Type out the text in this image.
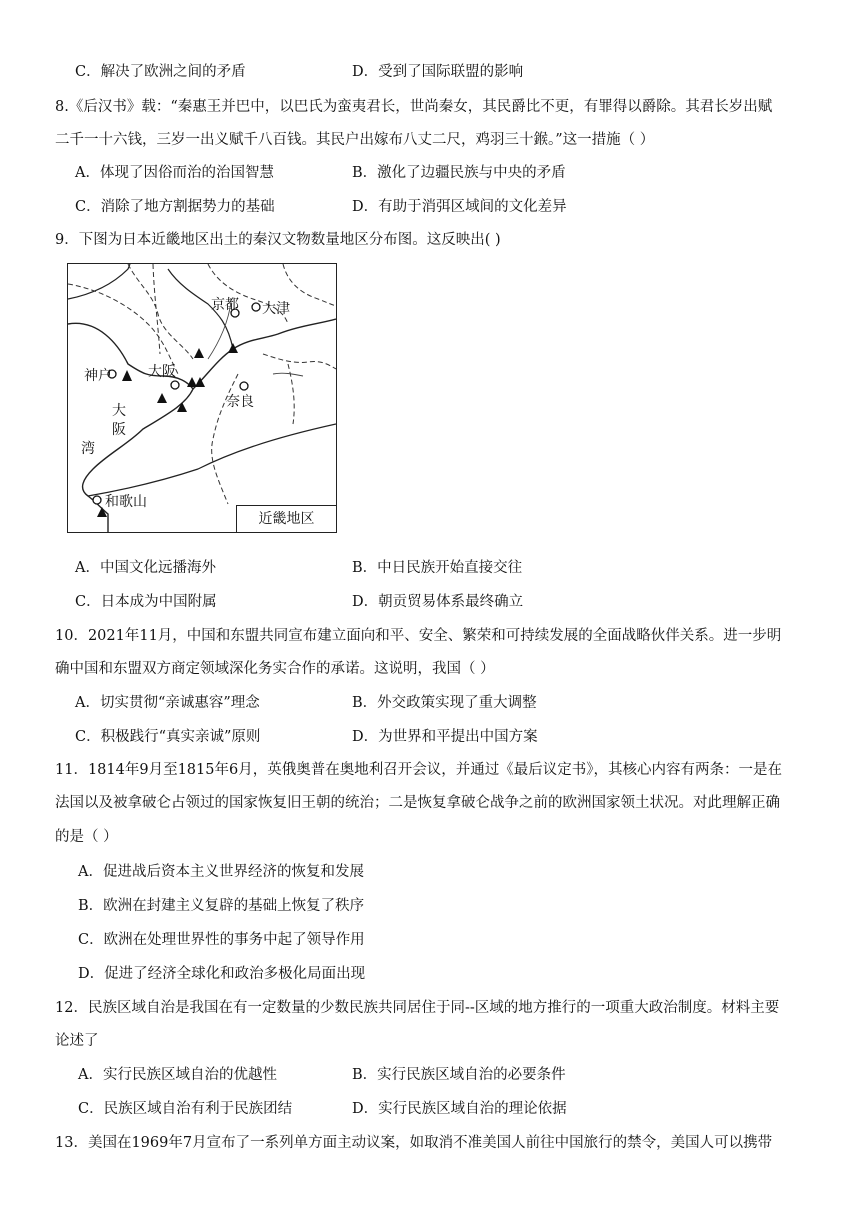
C．解决了欧洲之间的矛盾	D．受到了国际联盟的影响
8.《后汉书》载：“秦惠王并巴中，以巴氏为蛮夷君长，世尚秦女，其民爵比不更，有罪得以爵除。其君长岁出赋
二千一十六钱，三岁一出义赋千八百钱。其民户出嫁布八丈二尺，鸡羽三十鍭。”这一措施（ ）
A．体现了因俗而治的治国智慧	B．激化了边疆民族与中央的矛盾
C．消除了地方割据势力的基础	D．有助于消弭区域间的文化差异
9．下图为日本近畿地区出土的秦汉文物数量地区分布图。这反映出( )
京都 大津
神户	大阪
奈良
大
阪
湾
和歌山
近畿地区
A．中国文化远播海外	B．中日民族开始直接交往
C．日本成为中国附属	D．朝贡贸易体系最终确立
10．2021年11月，中国和东盟共同宣布建立面向和平、安全、繁荣和可持续发展的全面战略伙伴关系。进一步明
确中国和东盟双方商定领域深化务实合作的承诺。这说明，我国（ ）
A．切实贯彻“亲诚惠容”理念	B．外交政策实现了重大调整
C．积极践行“真实亲诚”原则	D．为世界和平提出中国方案
11．1814年9月至1815年6月，英俄奥普在奥地利召开会议，并通过《最后议定书》，其核心内容有两条：一是在
法国以及被拿破仑占领过的国家恢复旧王朝的统治；二是恢复拿破仑战争之前的欧洲国家领土状况。对此理解正确
的是（ ）
A．促进战后资本主义世界经济的恢复和发展
B．欧洲在封建主义复辟的基础上恢复了秩序
C．欧洲在处理世界性的事务中起了领导作用
D．促进了经济全球化和政治多极化局面出现
12．民族区域自治是我国在有一定数量的少数民族共同居住于同--区域的地方推行的一项重大政治制度。材料主要
论述了
A．实行民族区域自治的优越性	B．实行民族区域自治的必要条件
C．民族区域自治有利于民族团结	D．实行民族区域自治的理论依据
13．美国在1969年7月宣布了一系列单方面主动议案，如取消不准美国人前往中国旅行的禁令，美国人可以携带
